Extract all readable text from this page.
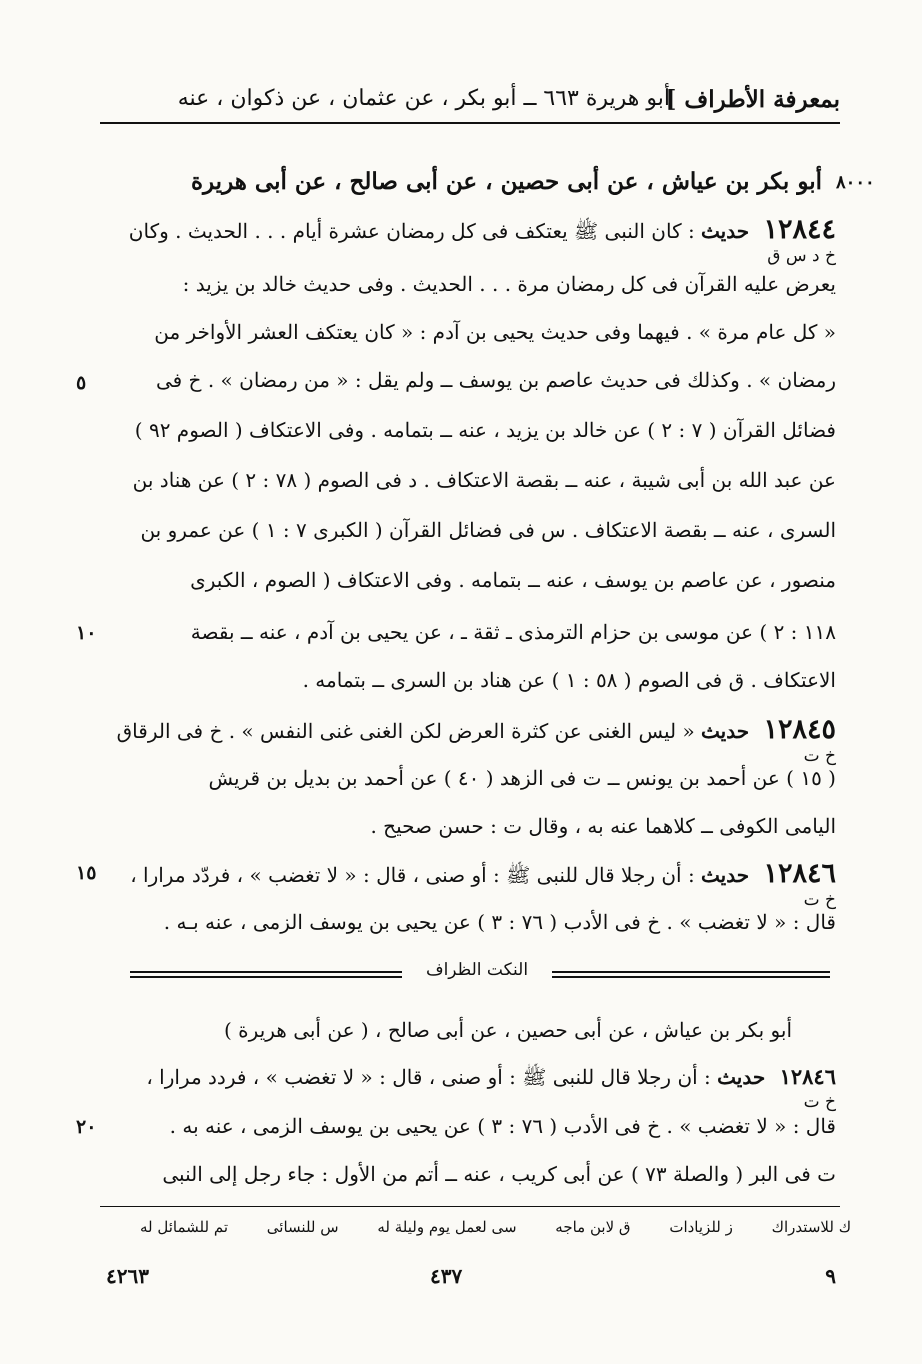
بمعرفة الأطراف ]
أبو هريرة ٦٦٣ ــ أبو بكر ، عن عثمان ، عن ذكوان ، عنه
أبو بكر بن عياش ، عن أبى حصين ، عن أبى صالح ، عن أبى هريرة ٨٠٠٠
١٢٨٤٤ حديث : كان النبى ﷺ يعتكف فى كل رمضان عشرة أيام . . . الحديث . وكان
خ د س ق
يعرض عليه القرآن فى كل رمضان مرة . . . الحديث . وفى حديث خالد بن يزيد :
« كل عام مرة » . فيهما وفى حديث يحيى بن آدم : « كان يعتكف العشر الأواخر من
رمضان » . وكذلك فى حديث عاصم بن يوسف ــ ولم يقل : « من رمضان » . خ فى
٥
فضائل القرآن ( ٧ : ٢ ) عن خالد بن يزيد ، عنه ــ بتمامه . وفى الاعتكاف ( الصوم ٩٢ )
عن عبد الله بن أبى شيبة ، عنه ــ بقصة الاعتكاف . د فى الصوم ( ٧٨ : ٢ ) عن هناد بن
السرى ، عنه ــ بقصة الاعتكاف . س فى فضائل القرآن ( الكبرى ٧ : ١ ) عن عمرو بن
منصور ، عن عاصم بن يوسف ، عنه ــ بتمامه . وفى الاعتكاف ( الصوم ، الكبرى
١١٨ : ٢ ) عن موسى بن حزام الترمذى ـ ثقة ـ ، عن يحيى بن آدم ، عنه ــ بقصة
١٠
الاعتكاف . ق فى الصوم ( ٥٨ : ١ ) عن هناد بن السرى ــ بتمامه .
١٢٨٤٥ حديث « ليس الغنى عن كثرة العرض لكن الغنى غنى النفس » . خ فى الرقاق
خ ت
( ١٥ ) عن أحمد بن يونس ــ ت فى الزهد ( ٤٠ ) عن أحمد بن بديل بن قريش
اليامى الكوفى ــ كلاهما عنه به ، وقال ت : حسن صحيح .
١٢٨٤٦ حديث : أن رجلا قال للنبى ﷺ : أو صنى ، قال : « لا تغضب » ، فردّد مرارا ،
١٥
خ ت
قال : « لا تغضب » . خ فى الأدب ( ٧٦ : ٣ ) عن يحيى بن يوسف الزمى ، عنه بـه .
النكت الظراف
أبو بكر بن عياش ، عن أبى حصين ، عن أبى صالح ، ( عن أبى هريرة )
١٢٨٤٦ حديث : أن رجلا قال للنبى ﷺ : أو صنى ، قال : « لا تغضب » ، فردد مرارا ،
خ ت
قال : « لا تغضب » . خ فى الأدب ( ٧٦ : ٣ ) عن يحيى بن يوسف الزمى ، عنه به .
٢٠
ت فى البر ( والصلة ٧٣ ) عن أبى كريب ، عنه ــ أتم من الأول : جاء رجل إلى النبى
تم للشمائل له	س للنسائى	سى لعمل يوم وليلة له	ق لابن ماجه	ز للزيادات	ك للاستدراك
٤٢٦٣	٤٣٧	٩
